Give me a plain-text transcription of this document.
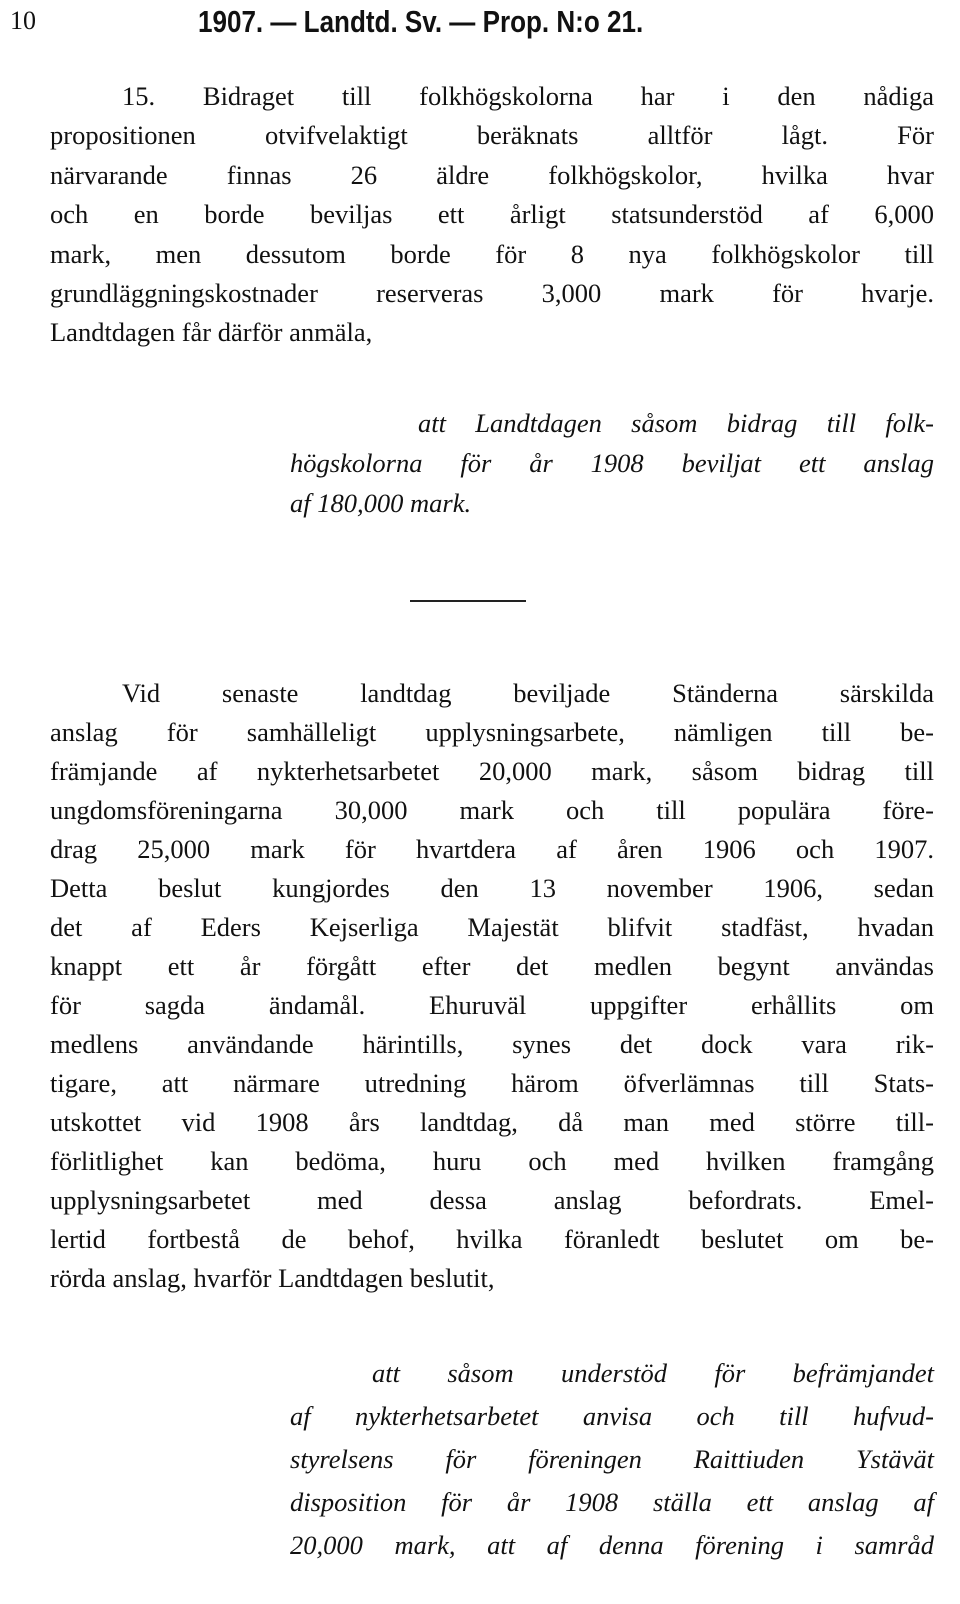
10	1907. — Landtd. Sv. — Prop. N:o 21.
15. Bidraget till folkhögskolorna har i den nådiga
propositionen otvifvelaktigt beräknats alltför lågt. För
närvarande finnas 26 äldre folkhögskolor, hvilka hvar
och en borde beviljas ett årligt statsunderstöd af 6,000
mark, men dessutom borde för 8 nya folkhögskolor till
grundläggningskostnader reserveras 3,000 mark för hvarje.
Landtdagen får därför anmäla,
att Landtdagen såsom bidrag till folk-
högskolorna för år 1908 beviljat ett anslag
af 180,000 mark.
Vid senaste landtdag beviljade Ständerna särskilda
anslag för samhälleligt upplysningsarbete, nämligen till be-
främjande af nykterhetsarbetet 20,000 mark, såsom bidrag till
ungdomsföreningarna 30,000 mark och till populära före-
drag 25,000 mark för hvartdera af åren 1906 och 1907.
Detta beslut kungjordes den 13 november 1906, sedan
det af Eders Kejserliga Majestät blifvit stadfäst, hvadan
knappt ett år förgått efter det medlen begynt användas
för sagda ändamål. Ehuruväl uppgifter erhållits om
medlens användande härintills, synes det dock vara rik-
tigare, att närmare utredning härom öfverlämnas till Stats-
utskottet vid 1908 års landtdag, då man med större till-
förlitlighet kan bedöma, huru och med hvilken framgång
upplysningsarbetet med dessa anslag befordrats. Emel-
lertid fortbestå de behof, hvilka föranledt beslutet om be-
rörda anslag, hvarför Landtdagen beslutit,
att såsom understöd för befrämjandet
af nykterhetsarbetet anvisa och till hufvud-
styrelsens för föreningen Raittiuden Ystävät
disposition för år 1908 ställa ett anslag af
20,000 mark, att af denna förening i samråd
